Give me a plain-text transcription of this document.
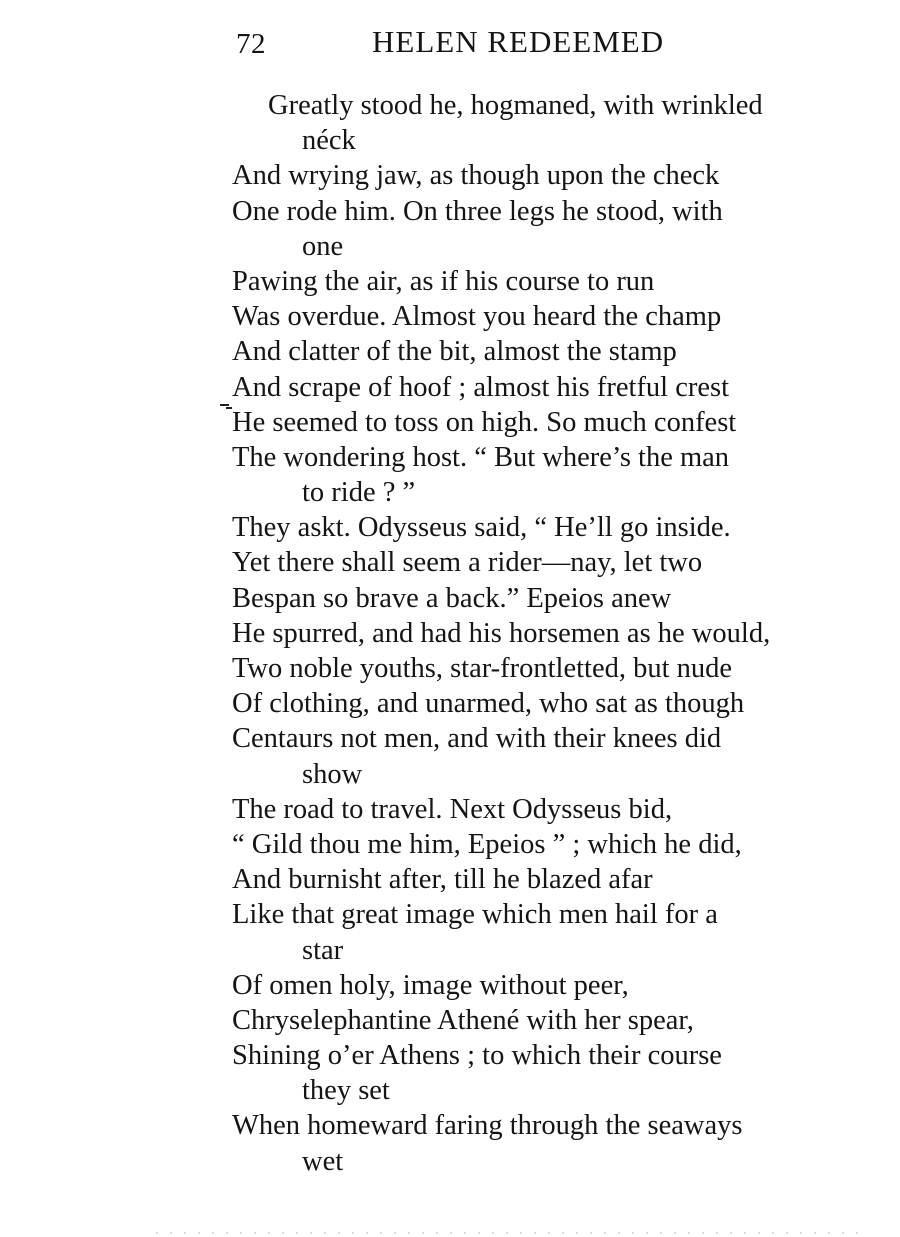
72	HELEN REDEEMED
Greatly stood he, hogmaned, with wrinkled
néck
And wrying jaw, as though upon the check
One rode him. On three legs he stood, with
one
Pawing the air, as if his course to run
Was overdue. Almost you heard the champ
And clatter of the bit, almost the stamp
And scrape of hoof ; almost his fretful crest
He seemed to toss on high. So much confest
The wondering host. “ But where’s the man
to ride ? ”
They askt. Odysseus said, “ He’ll go inside.
Yet there shall seem a rider—nay, let two
Bespan so brave a back.” Epeios anew
He spurred, and had his horsemen as he would,
Two noble youths, star-frontletted, but nude
Of clothing, and unarmed, who sat as though
Centaurs not men, and with their knees did
show
The road to travel. Next Odysseus bid,
“ Gild thou me him, Epeios ” ; which he did,
And burnisht after, till he blazed afar
Like that great image which men hail for a
star
Of omen holy, image without peer,
Chryselephantine Athené with her spear,
Shining o’er Athens ; to which their course
they set
When homeward faring through the seaways
wet
